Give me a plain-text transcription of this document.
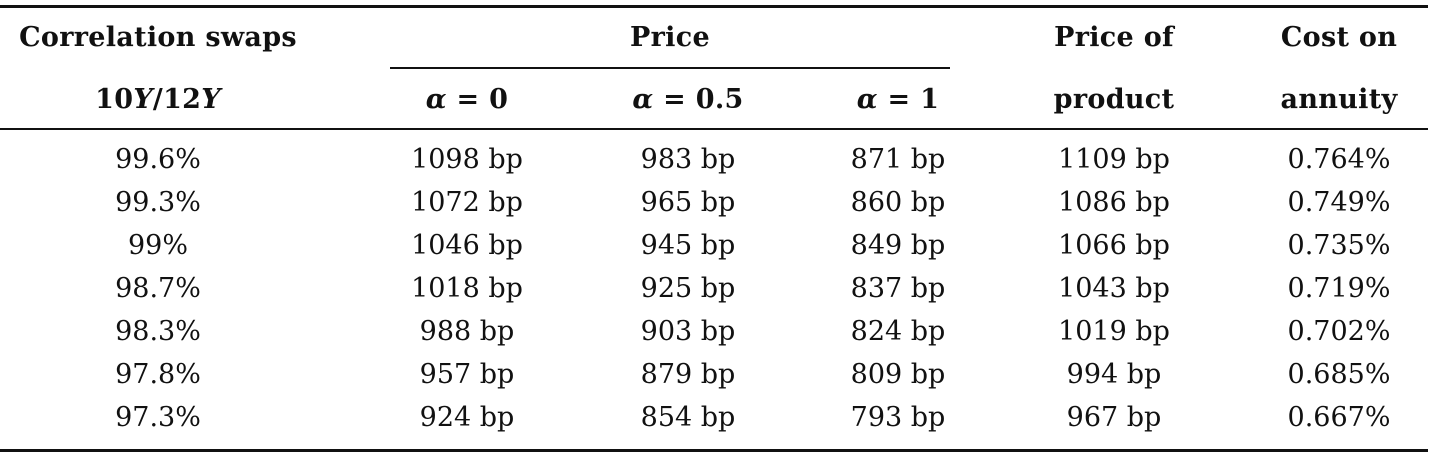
Correlation swaps
10Y/12Y
Price
α = 0	α = 0.5	α = 1
Price of
product
Cost on
annuity
99.6%	1098 bp	983 bp	871 bp	1109 bp	0.764%
99.3%	1072 bp	965 bp	860 bp	1086 bp	0.749%
99%	1046 bp	945 bp	849 bp	1066 bp	0.735%
98.7%	1018 bp	925 bp	837 bp	1043 bp	0.719%
98.3%	988 bp	903 bp	824 bp	1019 bp	0.702%
97.8%	957 bp	879 bp	809 bp	994 bp	0.685%
97.3%	924 bp	854 bp	793 bp	967 bp	0.667%
